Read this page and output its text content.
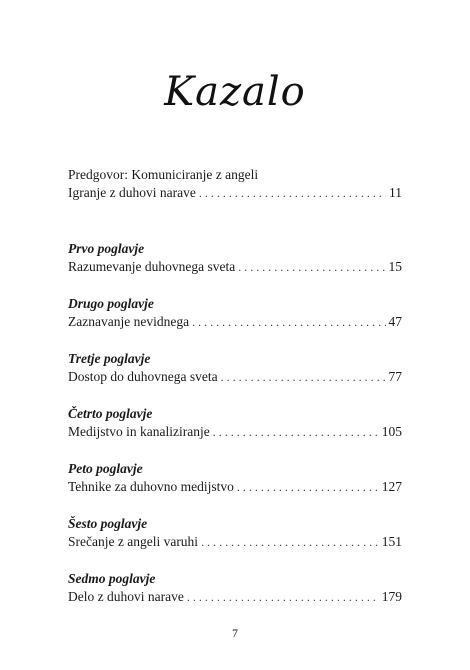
Kazalo
Predgovor: Komuniciranje z angeli
Igranje z duhovi narave . . .	11
Prvo poglavje
Razumevanje duhovnega sveta . . .	15
Drugo poglavje
Zaznavanje nevidnega . . .	47
Tretje poglavje
Dostop do duhovnega sveta . . .	77
Četrto poglavje
Medijstvo in kanaliziranje . . .	105
Peto poglavje
Tehnike za duhovno medijstvo . . .	127
Šesto poglavje
Srečanje z angeli varuhi . . .	151
Sedmo poglavje
Delo z duhovi narave . . .	179
7
